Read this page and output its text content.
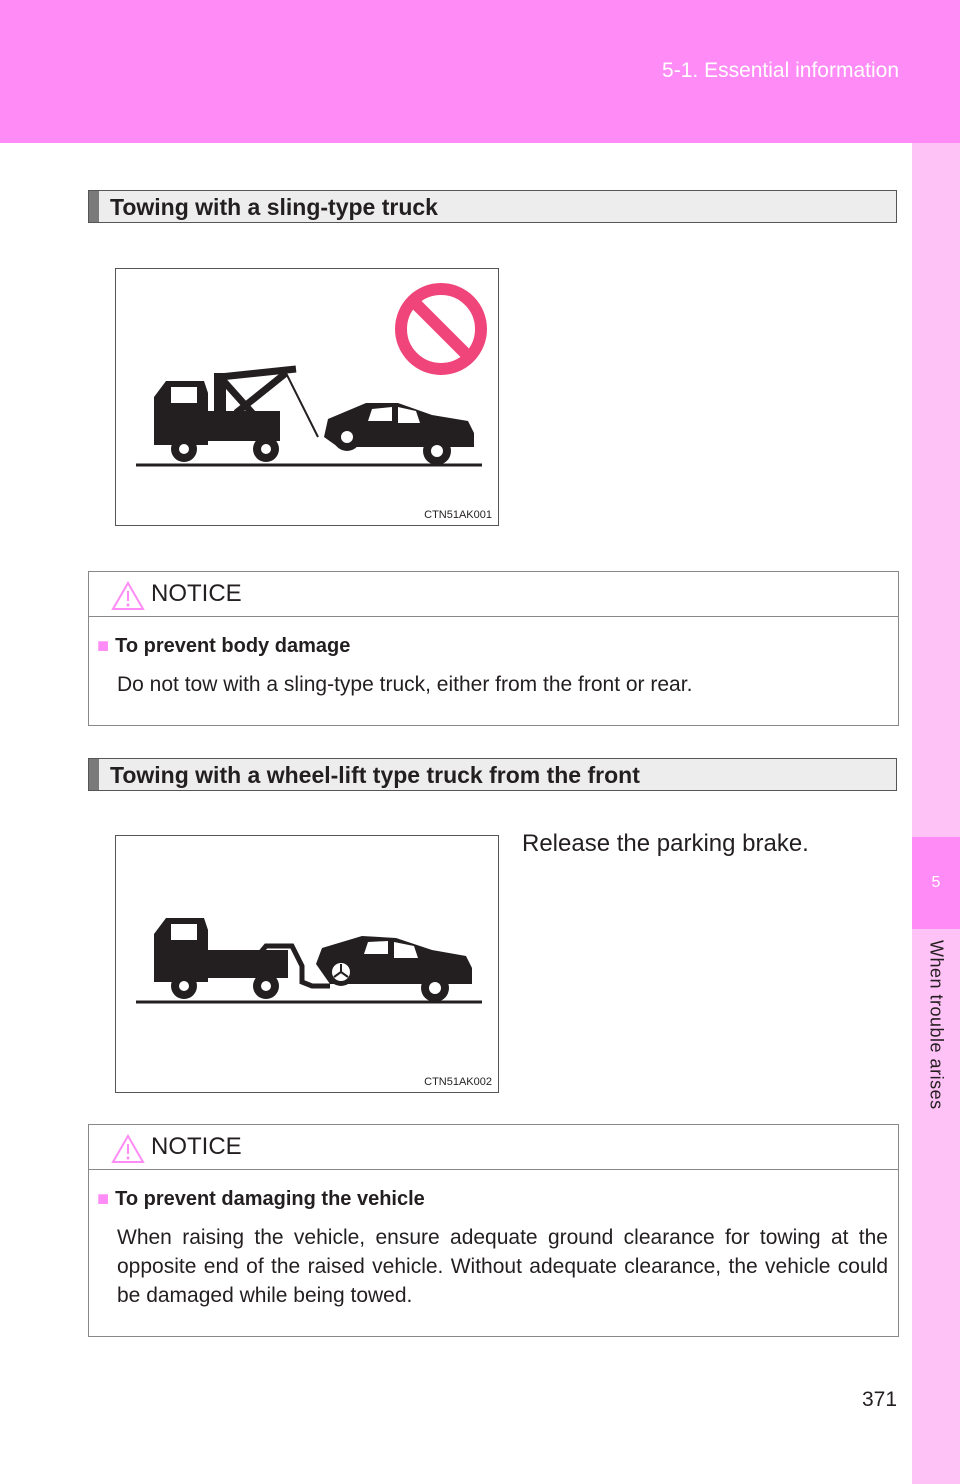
5-1. Essential information
5
When trouble arises
Towing with a sling-type truck
CTN51AK001
NOTICE
■ To prevent body damage
Do not tow with a sling-type truck, either from the front or rear.
Towing with a wheel-lift type truck from the front
CTN51AK002
Release the parking brake.
NOTICE
■ To prevent damaging the vehicle
When raising the vehicle, ensure adequate ground clearance for towing at the opposite end of the raised vehicle. Without adequate clearance, the vehicle could be damaged while being towed.
371
